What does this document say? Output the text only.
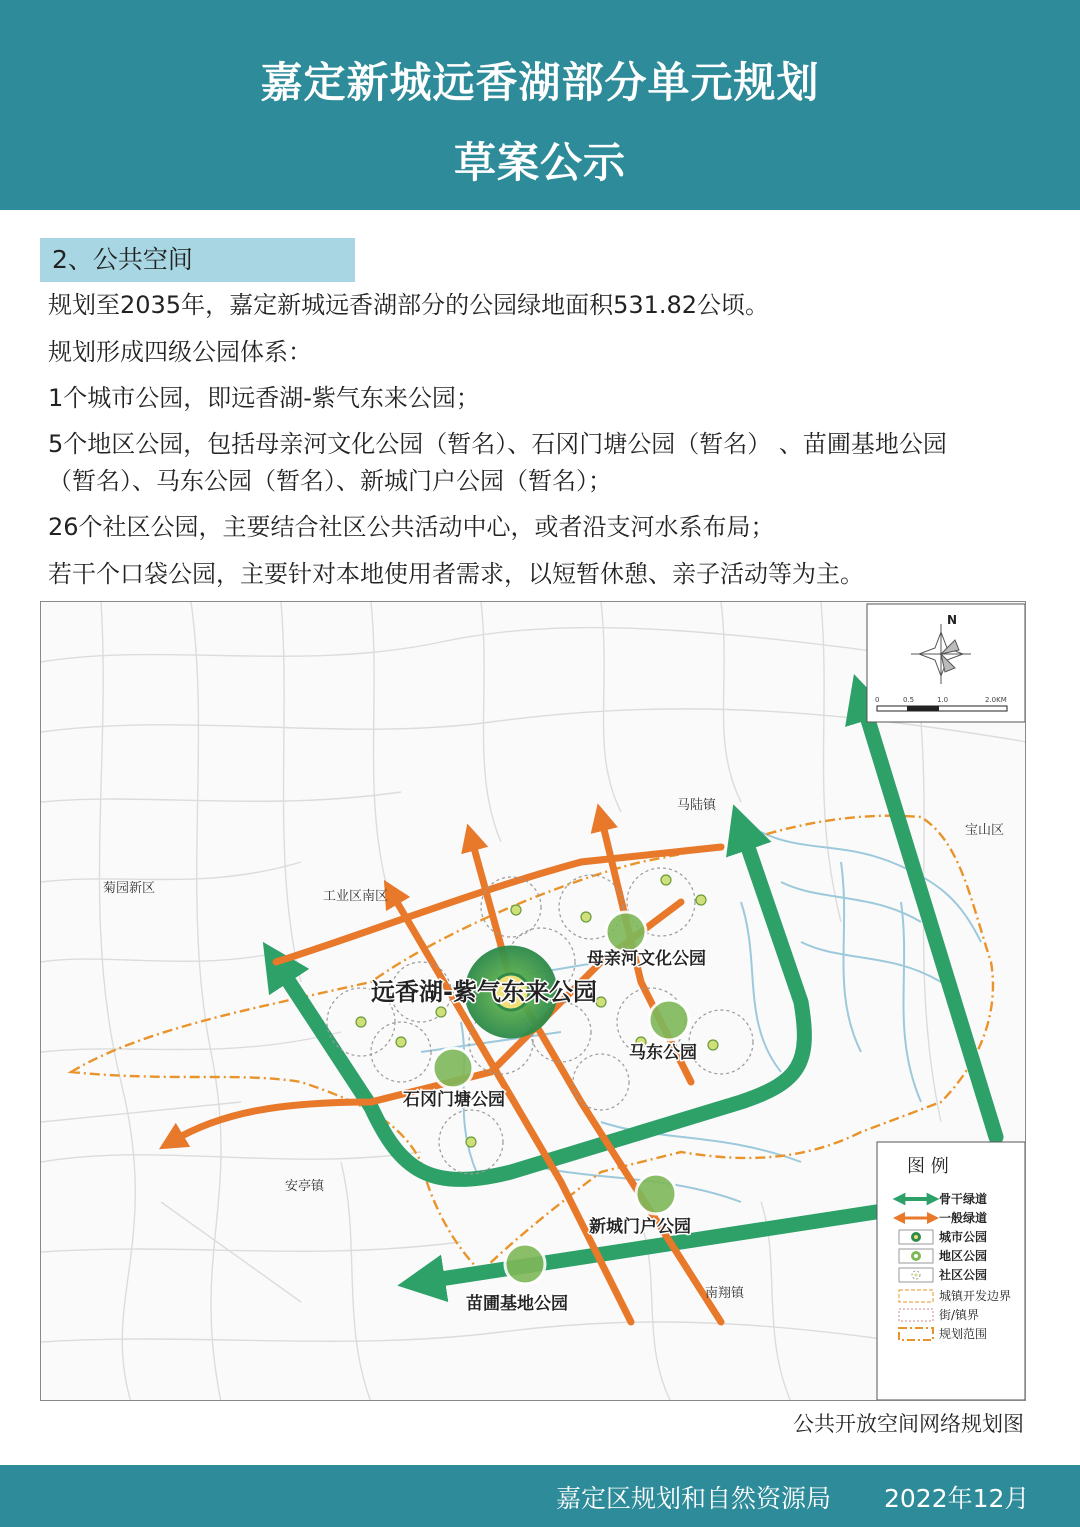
嘉定新城远香湖部分单元规划
草案公示
2、公共空间
规划至2035年，嘉定新城远香湖部分的公园绿地面积531.82公顷。
规划形成四级公园体系：
1个城市公园，即远香湖-紫气东来公园；
5个地区公园，包括母亲河文化公园（暂名）、石冈门塘公园（暂名） 、苗圃基地公园
（暂名）、马东公园（暂名）、新城门户公园（暂名）；
26个社区公园，主要结合社区公共活动中心，或者沿支河水系布局；
若干个口袋公园，主要针对本地使用者需求，以短暂休憩、亲子活动等为主。
马陆镇
宝山区
菊园新区
工业区南区
安亭镇
南翔镇
远香湖-紫气东来公园
母亲河文化公园
马东公园
石冈门塘公园
新城门户公园
苗圃基地公园
N
0	0.5	1.0	2.0KM
图 例
骨干绿道
一般绿道
城市公园
地区公园
社区公园
城镇开发边界
街/镇界
规划范围
公共开放空间网络规划图
嘉定区规划和自然资源局 2022年12月
